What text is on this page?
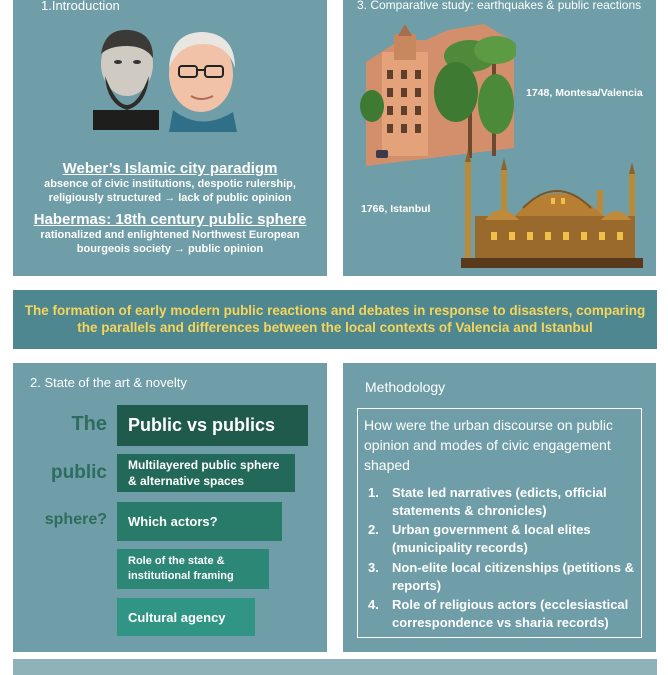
1.Introduction
Weber’s Islamic city paradigm
absence of civic institutions, despotic rulership,
religiously structured → lack of public opinion
Habermas: 18th century public sphere
rationalized and enlightened Northwest European
bourgeois society → public opinion
3. Comparative study: earthquakes & public reactions
1748, Montesa/Valencia
1766, Istanbul
The formation of early modern public reactions and debates in response to disasters, comparing
the parallels and differences between the local contexts of Valencia and Istanbul
2. State of the art & novelty
The
public
sphere?
Public vs publics
Multilayered public sphere
& alternative spaces
Which actors?
Role of the state &
institutional framing
Cultural agency
Methodology
How were the urban discourse on public opinion and modes of civic engagement shaped
1.	State led narratives (edicts, official statements & chronicles)
2.	Urban government & local elites (municipality records)
3.	Non-elite local citizenships (petitions & reports)
4.	Role of religious actors (ecclesiastical correspondence vs sharia records)
